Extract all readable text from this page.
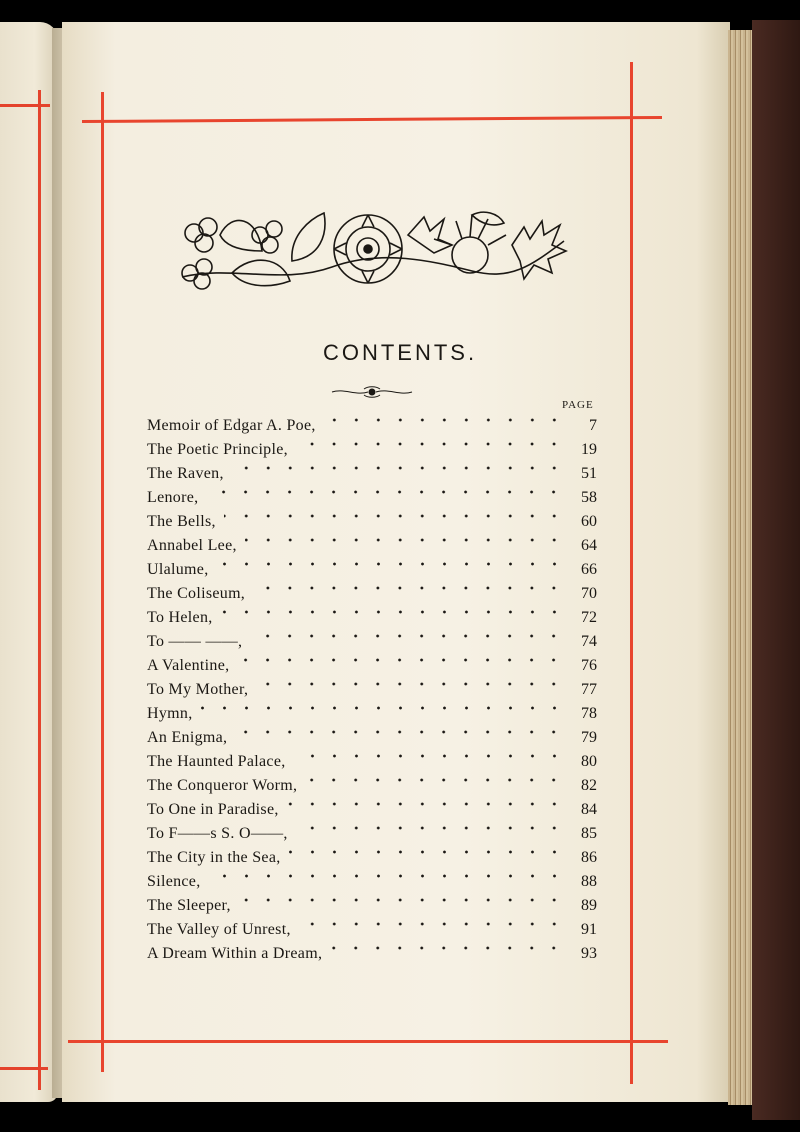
CONTENTS.
PAGE
Memoir of Edgar A. Poe,	7
The Poetic Principle,	19
The Raven,	51
Lenore,	58
The Bells,	60
Annabel Lee,	64
Ulalume,	66
The Coliseum,	70
To Helen,	72
To —— ——,	74
A Valentine,	76
To My Mother,	77
Hymn,	78
An Enigma,	79
The Haunted Palace,	80
The Conqueror Worm,	82
To One in Paradise,	84
To F——s S. O——,	85
The City in the Sea,	86
Silence,	88
The Sleeper,	89
The Valley of Unrest,	91
A Dream Within a Dream,	93
